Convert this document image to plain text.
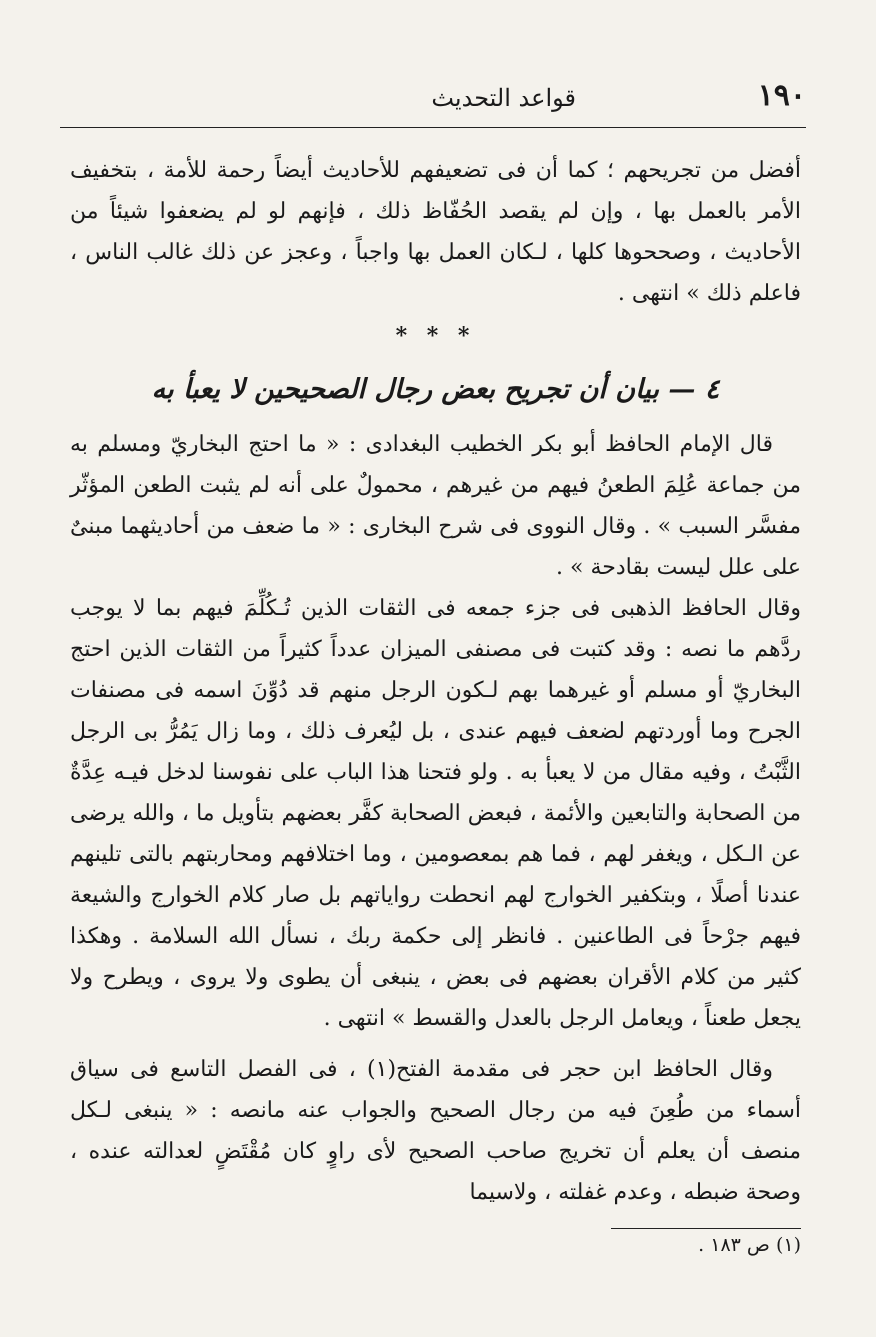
١٩٠
قواعد التحديث

أفضل من تجريحهم ؛ كما أن فى تضعيفهم للأحاديث أيضاً رحمة للأمة ، بتخفيف الأمر بالعمل بها ، وإن لم يقصد الحُفّاظ ذلك ، فإنهم لو لم يضعفوا شيئاً من الأحاديث ، وصححوها كلها ، لـكان العمل بها واجباً ، وعجز عن ذلك غالب الناس ، فاعلم ذلك » انتهى .

* * *

٤ — بيان أن تجريح بعض رجال الصحيحين لا يعبأ به

قال الإمام الحافظ أبو بكر الخطيب البغدادى : « ما احتج البخاريّ ومسلم به من جماعة عُلِمَ الطعنُ فيهم من غيرهم ، محمولٌ على أنه لم يثبت الطعن المؤثّر مفسَّر السبب » . وقال النووى فى شرح البخارى : « ما ضعف من أحاديثهما مبنىٌ على علل ليست بقادحة » .

وقال الحافظ الذهبى فى جزء جمعه فى الثقات الذين تُـكُلِّمَ فيهم بما لا يوجب ردَّهم ما نصه : وقد كتبت فى مصنفى الميزان عدداً كثيراً من الثقات الذين احتج البخاريّ أو مسلم أو غيرهما بهم لـكون الرجل منهم قد دُوِّنَ اسمه فى مصنفات الجرح وما أوردتهم لضعف فيهم عندى ، بل ليُعرف ذلك ، وما زال يَمُرُّ بى الرجل الثَّبْتُ ، وفيه مقال من لا يعبأ به . ولو فتحنا هذا الباب على نفوسنا لدخل فيـه عِدَّةٌ من الصحابة والتابعين والأئمة ، فبعض الصحابة كفَّر بعضهم بتأويل ما ، والله يرضى عن الـكل ، ويغفر لهم ، فما هم بمعصومين ، وما اختلافهم ومحاربتهم بالتى تلينهم عندنا أصلًا ، وبتكفير الخوارج لهم انحطت رواياتهم بل صار كلام الخوارج والشيعة فيهم جرْحاً فى الطاعنين . فانظر إلى حكمة ربك ، نسأل الله السلامة . وهكذا كثير من كلام الأقران بعضهم فى بعض ، ينبغى أن يطوى ولا يروى ، ويطرح ولا يجعل طعناً ، ويعامل الرجل بالعدل والقسط » انتهى .

وقال الحافظ ابن حجر فى مقدمة الفتح(١) ، فى الفصل التاسع فى سياق أسماء من طُعِنَ فيه من رجال الصحيح والجواب عنه مانصه : « ينبغى لـكل منصف أن يعلم أن تخريج صاحب الصحيح لأى راوٍ كان مُقْتَضٍ لعدالته عنده ، وصحة ضبطه ، وعدم غفلته ، ولاسيما

(١) ص ١٨٣ .
